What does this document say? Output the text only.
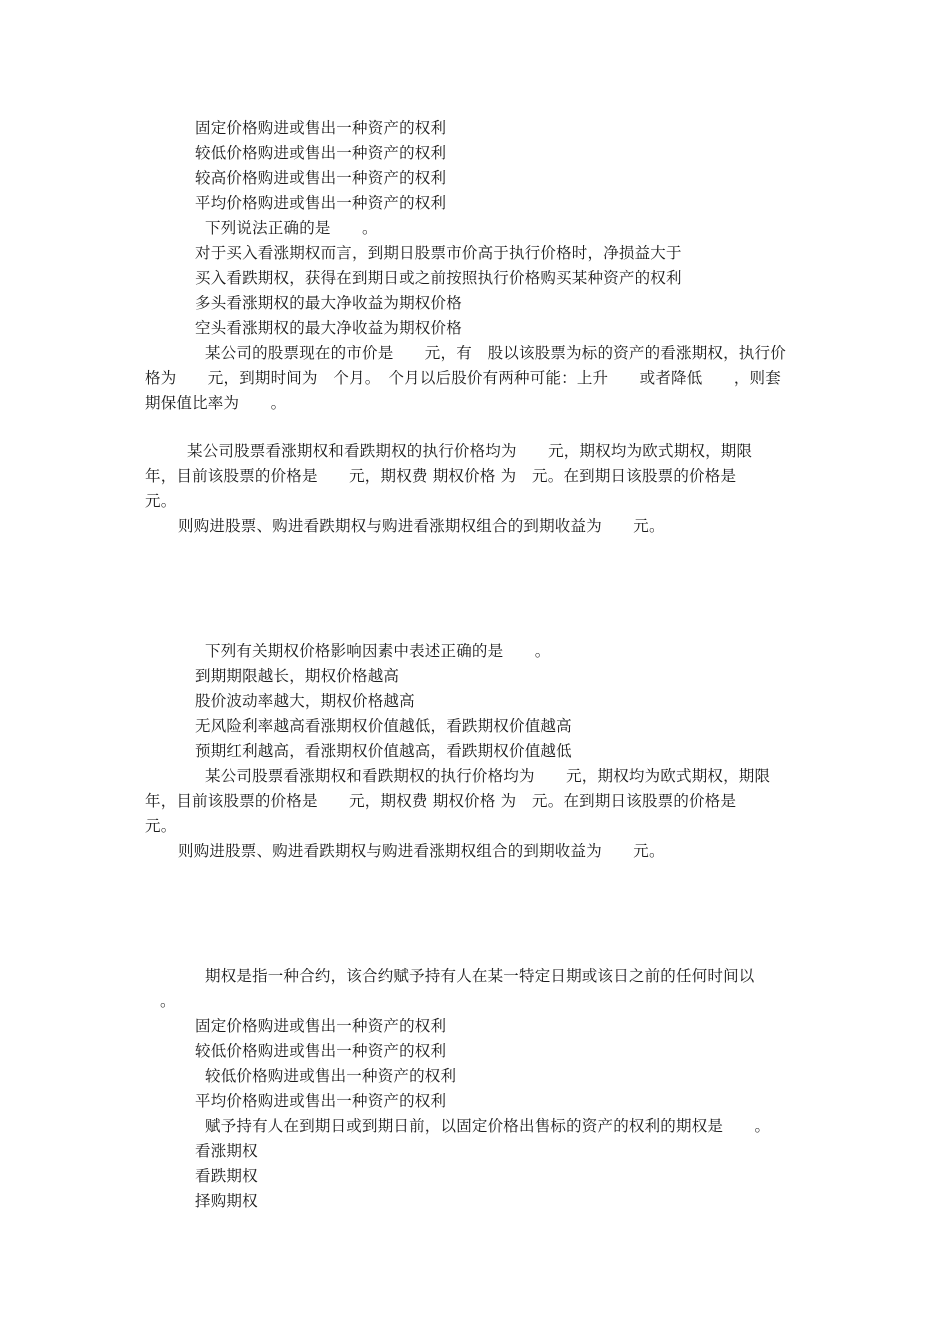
固定价格购进或售出一种资产的权利
较低价格购进或售出一种资产的权利
较高价格购进或售出一种资产的权利
平均价格购进或售出一种资产的权利
下列说法正确的是　　。
对于买入看涨期权而言，到期日股票市价高于执行价格时，净损益大于
买入看跌期权，获得在到期日或之前按照执行价格购买某种资产的权利
多头看涨期权的最大净收益为期权价格
空头看涨期权的最大净收益为期权价格
某公司的股票现在的市价是　　元，有　股以该股票为标的资产的看涨期权，执行价
格为　　元，到期时间为　个月。　个月以后股价有两种可能：上升　　或者降低　　，则套
期保值比率为　　。
某公司股票看涨期权和看跌期权的执行价格均为　　元，期权均为欧式期权，期限
年，目前该股票的价格是　　元，期权费 期权价格 为　元。在到期日该股票的价格是
元。
则购进股票、购进看跌期权与购进看涨期权组合的到期收益为　　元。
下列有关期权价格影响因素中表述正确的是　　。
到期期限越长，期权价格越高
股价波动率越大，期权价格越高
无风险利率越高看涨期权价值越低，看跌期权价值越高
预期红利越高，看涨期权价值越高，看跌期权价值越低
某公司股票看涨期权和看跌期权的执行价格均为　　元，期权均为欧式期权，期限
年，目前该股票的价格是　　元，期权费 期权价格 为　元。在到期日该股票的价格是
元。
则购进股票、购进看跌期权与购进看涨期权组合的到期收益为　　元。
期权是指一种合约，该合约赋予持有人在某一特定日期或该日之前的任何时间以
。
固定价格购进或售出一种资产的权利
较低价格购进或售出一种资产的权利
较低价格购进或售出一种资产的权利
平均价格购进或售出一种资产的权利
赋予持有人在到期日或到期日前，以固定价格出售标的资产的权利的期权是　　。
看涨期权
看跌期权
择购期权
